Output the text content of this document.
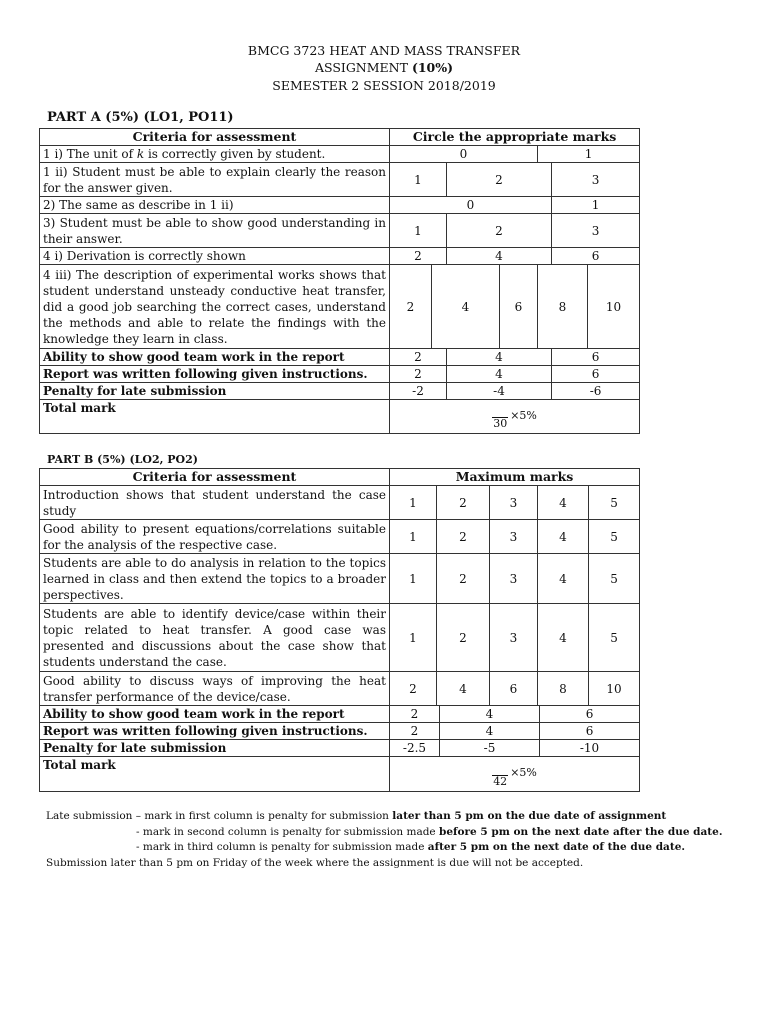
BMCG 3723 HEAT AND MASS TRANSFER
ASSIGNMENT (10%)
SEMESTER 2 SESSION 2018/2019
PART A (5%) (LO1, PO11)
Criteria for assessment	Circle the appropriate marks						
1 i) The unit of k is correctly given by student.	0				1		
1 ii) Student must be able to explain clearly the reason for the answer given.	1		2			3	
2) The same as describe in 1 ii)	0					1	
3) Student must be able to show good understanding in their answer.	1		2			3	
4 i) Derivation is correctly shown	2		4			6	
4 iii) The description of experimental works shows that student understand unsteady conductive heat transfer, did a good job searching the correct cases, understand the methods and able to relate the findings with the knowledge they learn in class.	2	4		6	8		10
Ability to show good team work in the report	2		4			6	
Report was written following given instructions.	2		4			6	
Penalty for late submission	-2		-4			-6	
Total mark	30
×5%						
PART B (5%) (LO2, PO2)
Criteria for assessment	Maximum marks						
Introduction shows that student understand the case study	1	2		3	4		5
Good ability to present equations/correlations suitable for the analysis of the respective case.	1	2		3	4		5
Students are able to do analysis in relation to the topics learned in class and then extend the topics to a broader perspectives.	1	2		3	4		5
Students are able to identify device/case within their topic related to heat transfer. A good case was presented and discussions about the case show that students understand the case.	1	2		3	4		5
Good ability to discuss ways of improving the heat transfer performance of the device/case.	2	4		6	8		10
Ability to show good team work in the report	2		4			6	
Report was written following given instructions.	2		4			6	
Penalty for late submission	-2.5		-5			-10	
Total mark	42
×5%						
Late submission – mark in first column is penalty for submission later than 5 pm on the due date of assignment
- mark in second column is penalty for submission made before 5 pm on the next date after the due date.
- mark in third column is penalty for submission made after 5 pm on the next date of the due date.
Submission later than 5 pm on Friday of the week where the assignment is due will not be accepted.
